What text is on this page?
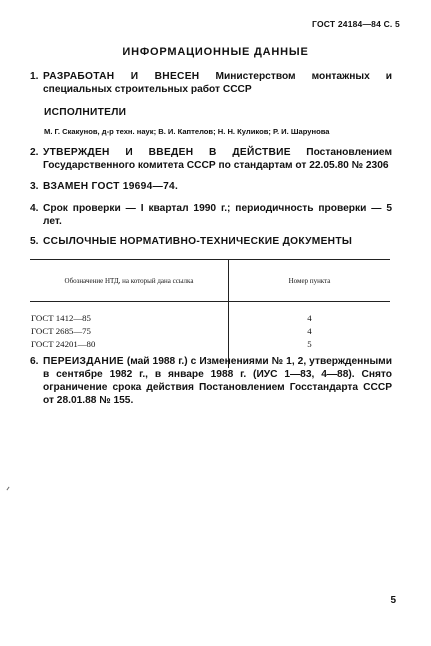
ГОСТ 24184—84 С. 5
ИНФОРМАЦИОННЫЕ ДАННЫЕ
1. РАЗРАБОТАН И ВНЕСЕН Министерством монтажных и специальных строительных работ СССР
ИСПОЛНИТЕЛИ
М. Г. Скакунов, д-р техн. наук; В. И. Каптелов; Н. Н. Куликов; Р. И. Шарунова
2. УТВЕРЖДЕН И ВВЕДЕН В ДЕЙСТВИЕ Постановлением Государственного комитета СССР по стандартам от 22.05.80 № 2306
3. ВЗАМЕН ГОСТ 19694—74.
4. Срок проверки — I квартал 1990 г.; периодичность проверки — 5 лет.
5. ССЫЛОЧНЫЕ НОРМАТИВНО-ТЕХНИЧЕСКИЕ ДОКУМЕНТЫ
Обозначение НТД, на который дана ссылка	Номер пункта
ГОСТ 1412—85	4
ГОСТ 2685—75	4
ГОСТ 24201—80	5
6. ПЕРЕИЗДАНИЕ (май 1988 г.) с Изменениями № 1, 2, утвержденными в сентябре 1982 г., в январе 1988 г. (ИУС 1—83, 4—88). Снято ограничение срока действия Постановлением Госстандарта СССР от 28.01.88 № 155.
5
